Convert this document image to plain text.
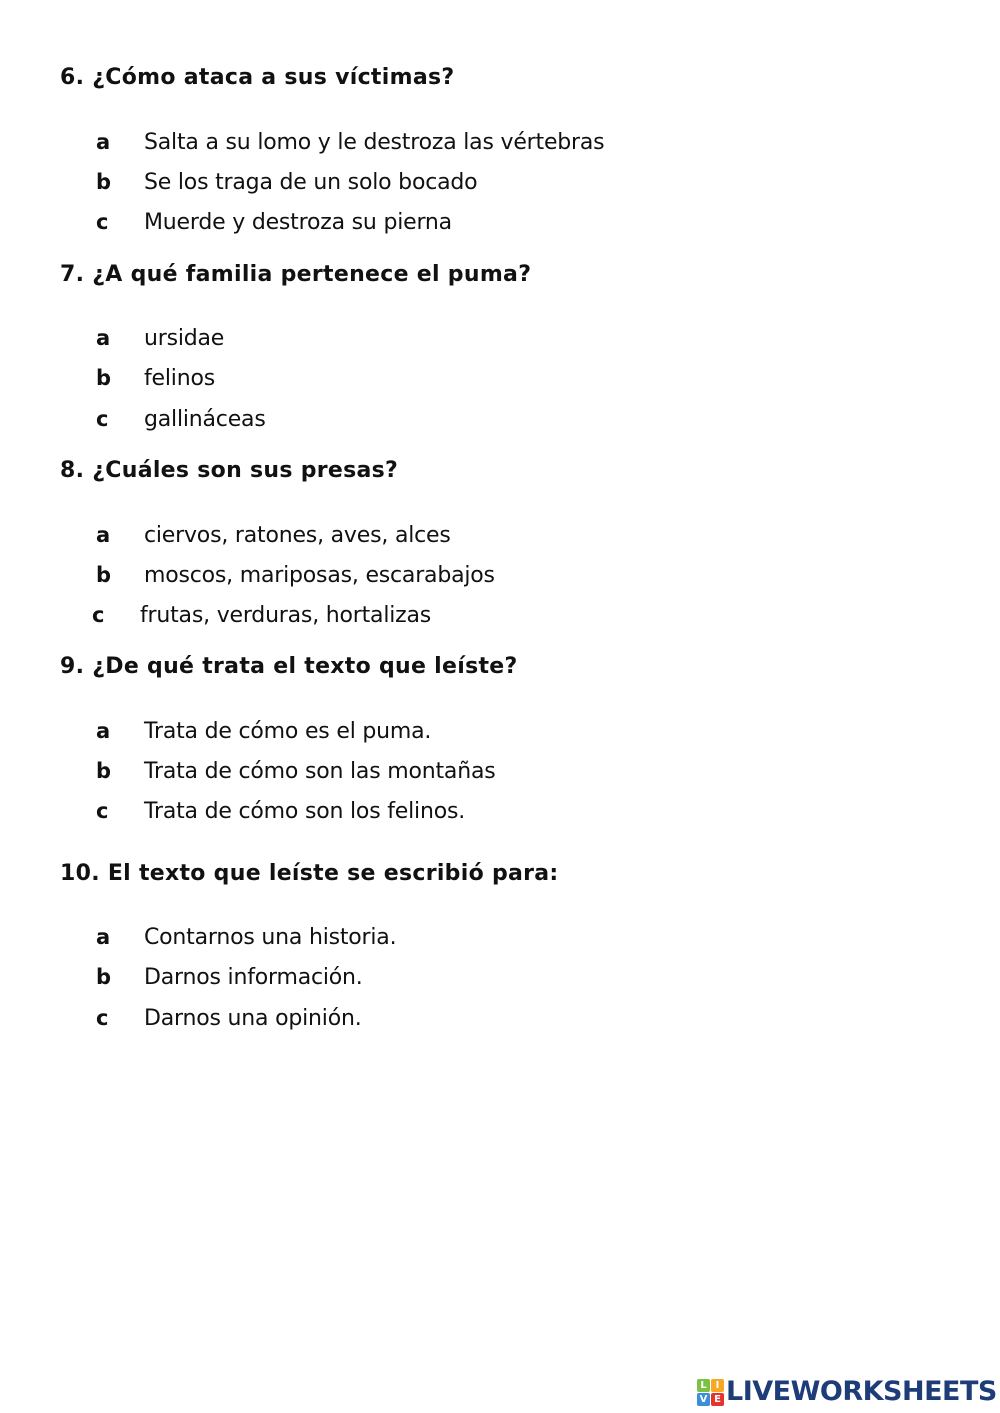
6. ¿Cómo ataca a sus víctimas?
a	Salta a su lomo y le destroza las vértebras
b	Se los traga de un solo bocado
c	Muerde y destroza su pierna
7. ¿A qué familia pertenece el puma?
a	ursidae
b	felinos
c	gallináceas
8. ¿Cuáles son sus presas?
a	ciervos, ratones, aves, alces
b	moscos, mariposas, escarabajos
c	frutas, verduras, hortalizas
9. ¿De qué trata el texto que leíste?
a	Trata de cómo es el puma.
b	Trata de cómo son las montañas
c	Trata de cómo son los felinos.
10. El texto que leíste se escribió para:
a	Contarnos una historia.
b	Darnos información.
c	Darnos una opinión.
L I
V E LIVEWORKSHEETS
